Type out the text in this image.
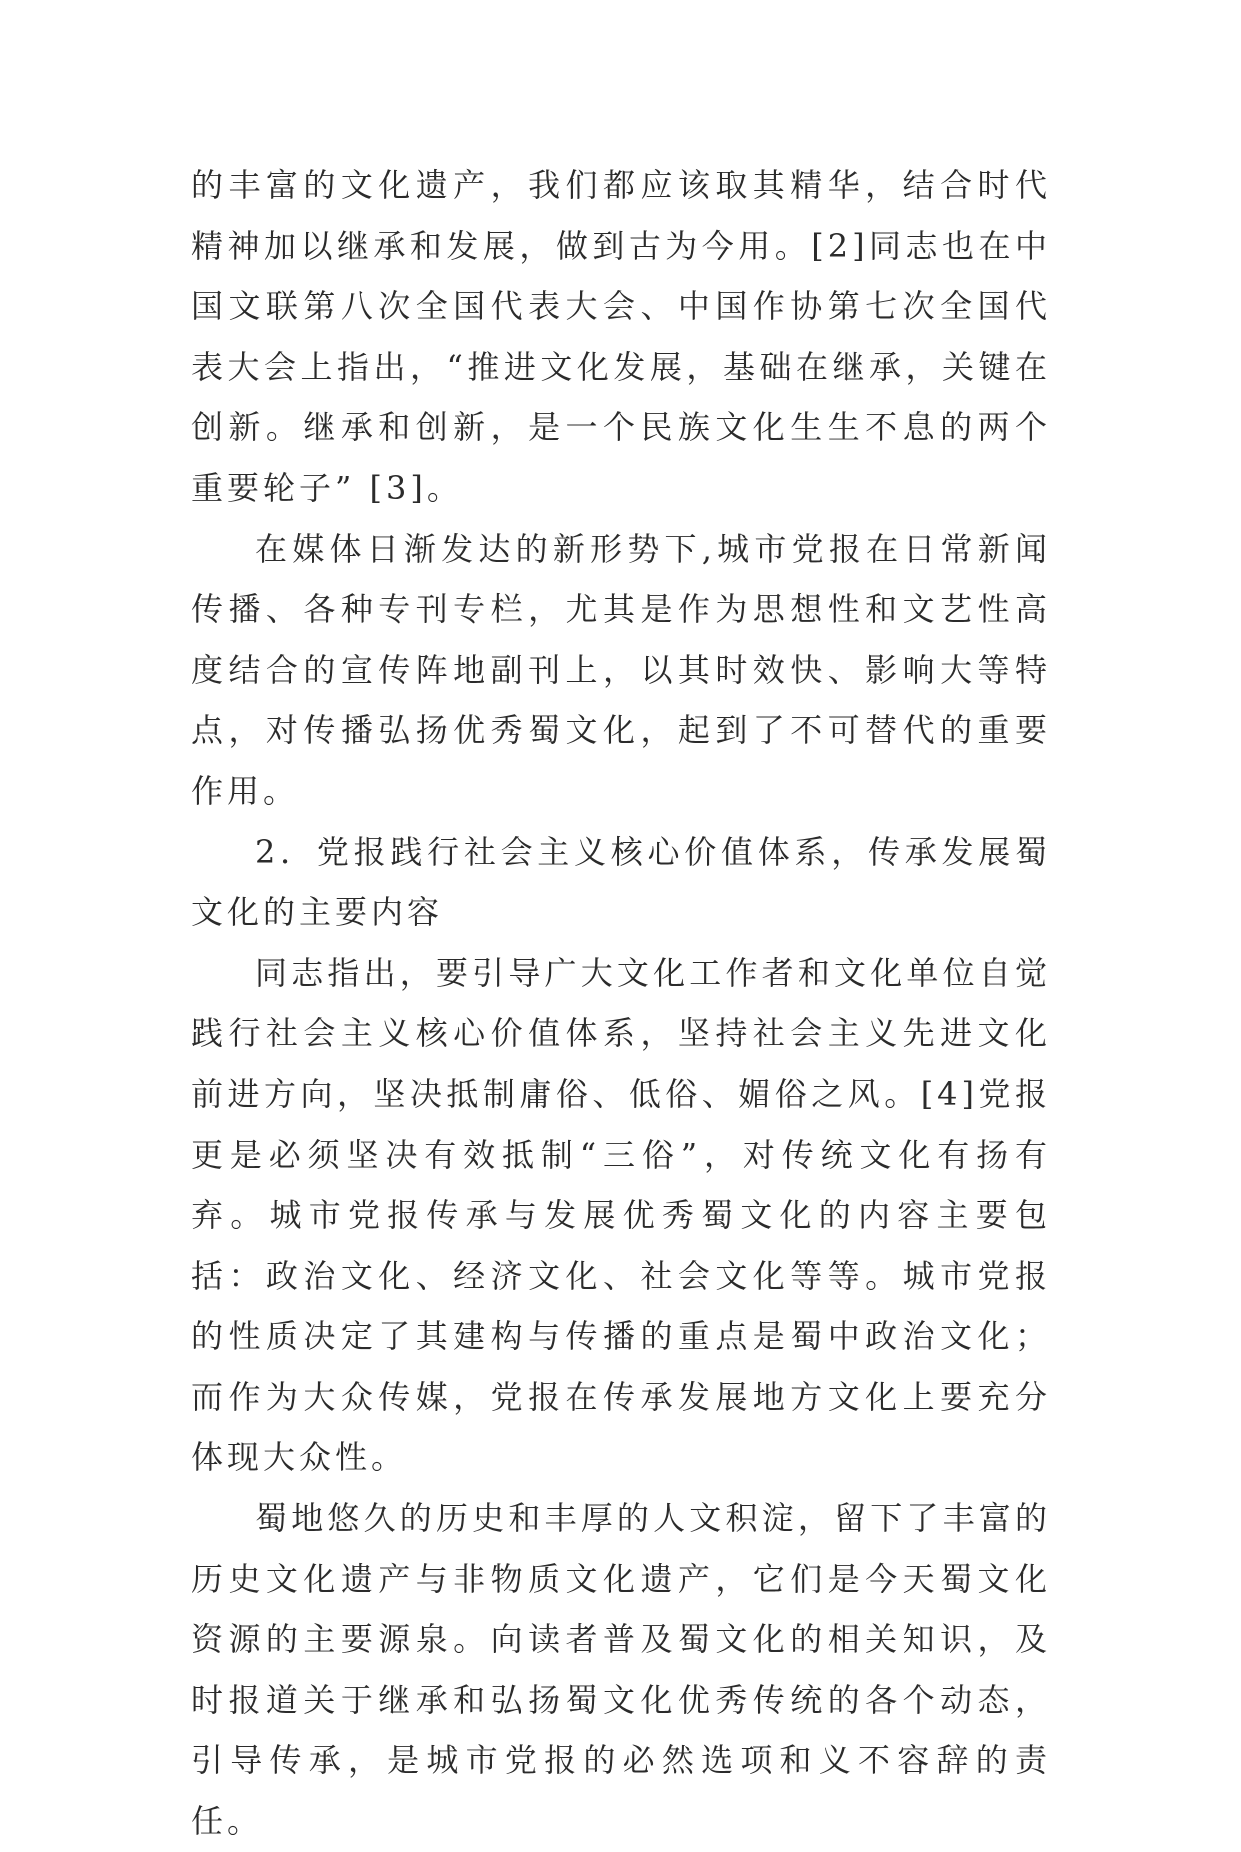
的丰富的文化遗产，我们都应该取其精华，结合时代精神加以继承和发展，做到古为今用。[2]同志也在中国文联第八次全国代表大会、中国作协第七次全国代表大会上指出，“推进文化发展，基础在继承，关键在创新。继承和创新，是一个民族文化生生不息的两个重要轮子” [3]。

在媒体日渐发达的新形势下,城市党报在日常新闻传播、各种专刊专栏，尤其是作为思想性和文艺性高度结合的宣传阵地副刊上，以其时效快、影响大等特点，对传播弘扬优秀蜀文化，起到了不可替代的重要作用。

2．党报践行社会主义核心价值体系，传承发展蜀文化的主要内容

同志指出，要引导广大文化工作者和文化单位自觉践行社会主义核心价值体系，坚持社会主义先进文化前进方向，坚决抵制庸俗、低俗、媚俗之风。[4]党报更是必须坚决有效抵制“三俗”，对传统文化有扬有弃。城市党报传承与发展优秀蜀文化的内容主要包括：政治文化、经济文化、社会文化等等。城市党报的性质决定了其建构与传播的重点是蜀中政治文化；而作为大众传媒，党报在传承发展地方文化上要充分体现大众性。

蜀地悠久的历史和丰厚的人文积淀，留下了丰富的历史文化遗产与非物质文化遗产，它们是今天蜀文化资源的主要源泉。向读者普及蜀文化的相关知识，及时报道关于继承和弘扬蜀文化优秀传统的各个动态，引导传承，是城市党报的必然选项和义不容辞的责任。
